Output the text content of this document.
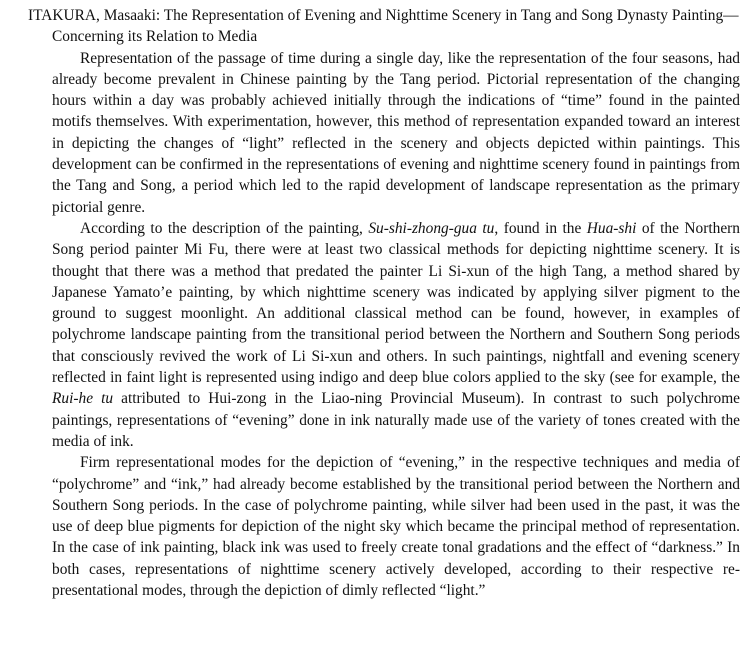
ITAKURA, Masaaki: The Representation of Evening and Nighttime Scenery in Tang and Song Dynasty Painting—Concerning its Relation to Media

Representation of the passage of time during a single day, like the representation of the four seasons, had already become prevalent in Chinese painting by the Tang period. Pictorial representation of the changing hours within a day was probably achieved initially through the indications of “time” found in the painted motifs themselves. With experimentation, however, this method of representation expanded toward an interest in depicting the changes of “light” reflected in the scenery and objects depicted within paintings. This development can be confirmed in the representations of evening and nighttime scenery found in paintings from the Tang and Song, a period which led to the rapid development of landscape representation as the primary pictorial genre.

According to the description of the painting, Su-shi-zhong-gua tu, found in the Hua-shi of the Northern Song period painter Mi Fu, there were at least two classical methods for depicting nighttime scenery. It is thought that there was a method that predated the painter Li Si-xun of the high Tang, a method shared by Japanese Yamato’e painting, by which nighttime scenery was indicated by applying silver pigment to the ground to suggest moonlight. An additional classical method can be found, however, in examples of polychrome landscape painting from the transitional period between the Northern and Southern Song periods that consciously revived the work of Li Si-xun and others. In such paintings, nightfall and evening scenery reflected in faint light is represented using indigo and deep blue colors applied to the sky (see for example, the Rui-he tu attributed to Hui-zong in the Liao-ning Provincial Museum). In contrast to such polychrome paintings, representations of “evening” done in ink naturally made use of the variety of tones created with the media of ink.

Firm representational modes for the depiction of “evening,” in the respective techniques and media of “polychrome” and “ink,” had already become established by the transitional period between the Northern and Southern Song periods. In the case of polychrome painting, while silver had been used in the past, it was the use of deep blue pigments for depiction of the night sky which became the principal method of representation. In the case of ink painting, black ink was used to freely create tonal gradations and the effect of “darkness.” In both cases, representations of nighttime scenery actively developed, according to their respective representational modes, through the depiction of dimly reflected “light.”
